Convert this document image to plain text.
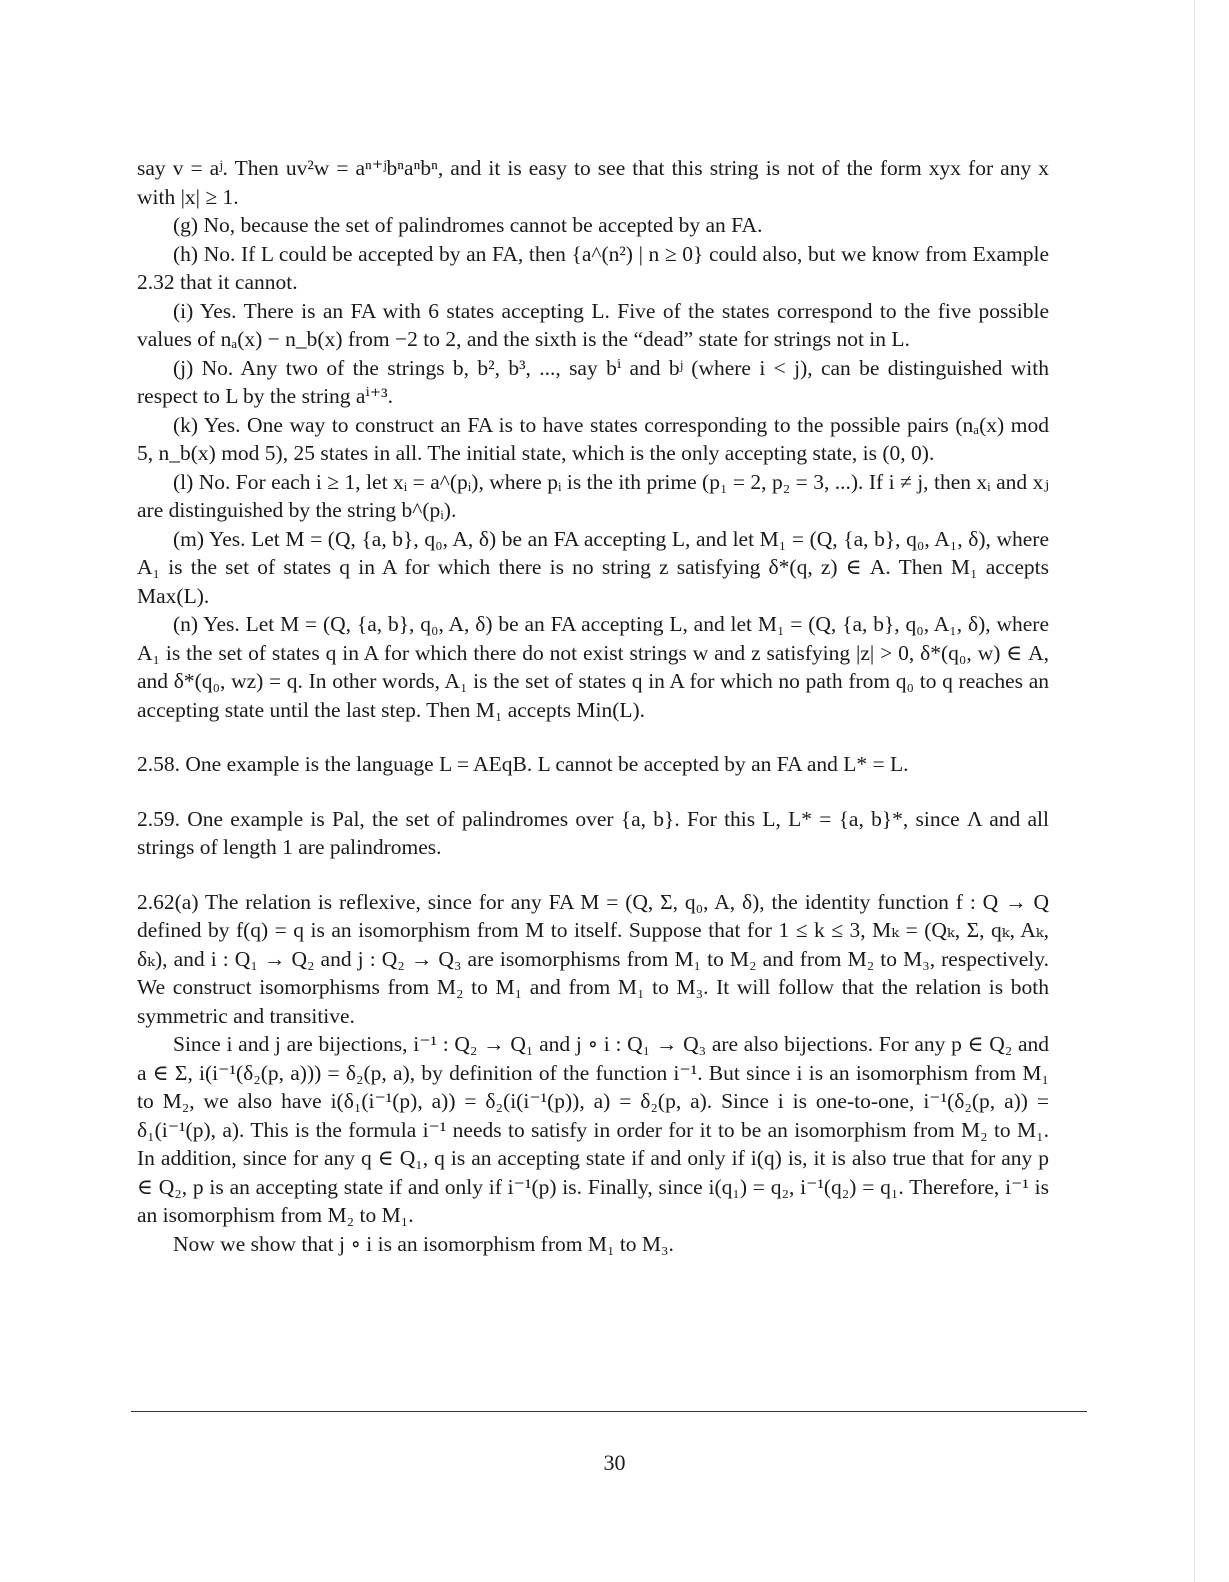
say v = aʲ. Then uv²w = aⁿ⁺ʲbⁿaⁿbⁿ, and it is easy to see that this string is not of the form xyx for any x with |x| ≥ 1.

(g) No, because the set of palindromes cannot be accepted by an FA.

(h) No. If L could be accepted by an FA, then {a^(n²) | n ≥ 0} could also, but we know from Example 2.32 that it cannot.

(i) Yes. There is an FA with 6 states accepting L. Five of the states correspond to the five possible values of nₐ(x) − n_b(x) from −2 to 2, and the sixth is the “dead” state for strings not in L.

(j) No. Any two of the strings b, b², b³, ..., say bⁱ and bʲ (where i < j), can be distinguished with respect to L by the string aⁱ⁺³.

(k) Yes. One way to construct an FA is to have states corresponding to the possible pairs (nₐ(x) mod 5, n_b(x) mod 5), 25 states in all. The initial state, which is the only accepting state, is (0, 0).

(l) No. For each i ≥ 1, let xᵢ = a^(pᵢ), where pᵢ is the ith prime (p₁ = 2, p₂ = 3, ...). If i ≠ j, then xᵢ and xⱼ are distinguished by the string b^(pᵢ).

(m) Yes. Let M = (Q, {a, b}, q₀, A, δ) be an FA accepting L, and let M₁ = (Q, {a, b}, q₀, A₁, δ), where A₁ is the set of states q in A for which there is no string z satisfying δ*(q, z) ∈ A. Then M₁ accepts Max(L).

(n) Yes. Let M = (Q, {a, b}, q₀, A, δ) be an FA accepting L, and let M₁ = (Q, {a, b}, q₀, A₁, δ), where A₁ is the set of states q in A for which there do not exist strings w and z satisfying |z| > 0, δ*(q₀, w) ∈ A, and δ*(q₀, wz) = q. In other words, A₁ is the set of states q in A for which no path from q₀ to q reaches an accepting state until the last step. Then M₁ accepts Min(L).

2.58. One example is the language L = AEqB. L cannot be accepted by an FA and L* = L.

2.59. One example is Pal, the set of palindromes over {a, b}. For this L, L* = {a, b}*, since Λ and all strings of length 1 are palindromes.

2.62(a) The relation is reflexive, since for any FA M = (Q, Σ, q₀, A, δ), the identity function f : Q → Q defined by f(q) = q is an isomorphism from M to itself. Suppose that for 1 ≤ k ≤ 3, Mₖ = (Qₖ, Σ, qₖ, Aₖ, δₖ), and i : Q₁ → Q₂ and j : Q₂ → Q₃ are isomorphisms from M₁ to M₂ and from M₂ to M₃, respectively. We construct isomorphisms from M₂ to M₁ and from M₁ to M₃. It will follow that the relation is both symmetric and transitive.

Since i and j are bijections, i⁻¹ : Q₂ → Q₁ and j ∘ i : Q₁ → Q₃ are also bijections. For any p ∈ Q₂ and a ∈ Σ, i(i⁻¹(δ₂(p, a))) = δ₂(p, a), by definition of the function i⁻¹. But since i is an isomorphism from M₁ to M₂, we also have i(δ₁(i⁻¹(p), a)) = δ₂(i(i⁻¹(p)), a) = δ₂(p, a). Since i is one-to-one, i⁻¹(δ₂(p, a)) = δ₁(i⁻¹(p), a). This is the formula i⁻¹ needs to satisfy in order for it to be an isomorphism from M₂ to M₁. In addition, since for any q ∈ Q₁, q is an accepting state if and only if i(q) is, it is also true that for any p ∈ Q₂, p is an accepting state if and only if i⁻¹(p) is. Finally, since i(q₁) = q₂, i⁻¹(q₂) = q₁. Therefore, i⁻¹ is an isomorphism from M₂ to M₁.

Now we show that j ∘ i is an isomorphism from M₁ to M₃.

30
